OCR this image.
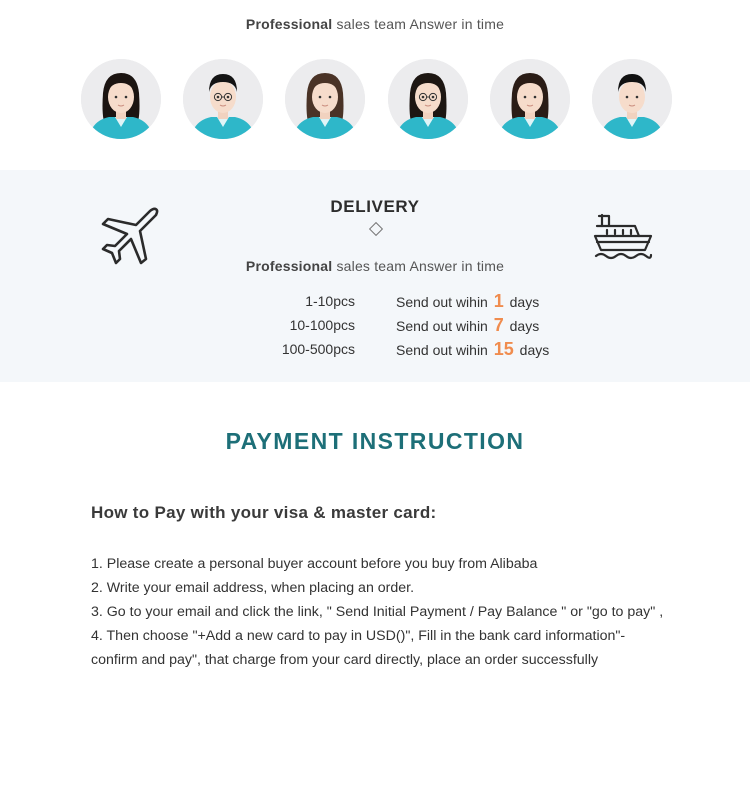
Professional sales team Answer in time
DELIVERY
Professional sales team Answer in time
1-10pcs	Send out wihin 1 days
10-100pcs	Send out wihin 7 days
100-500pcs	Send out wihin 15 days
PAYMENT INSTRUCTION
How to Pay with your visa & master card:

1. Please create a personal buyer account before you buy from Alibaba

2. Write your email address, when placing an order.

3. Go to your email and click the link, " Send Initial Payment / Pay Balance " or "go to pay" ,

4. Then choose "+Add a new card to pay in USD()", Fill in the bank card information"-confirm and pay", that charge from your card directly, place an order successfully
